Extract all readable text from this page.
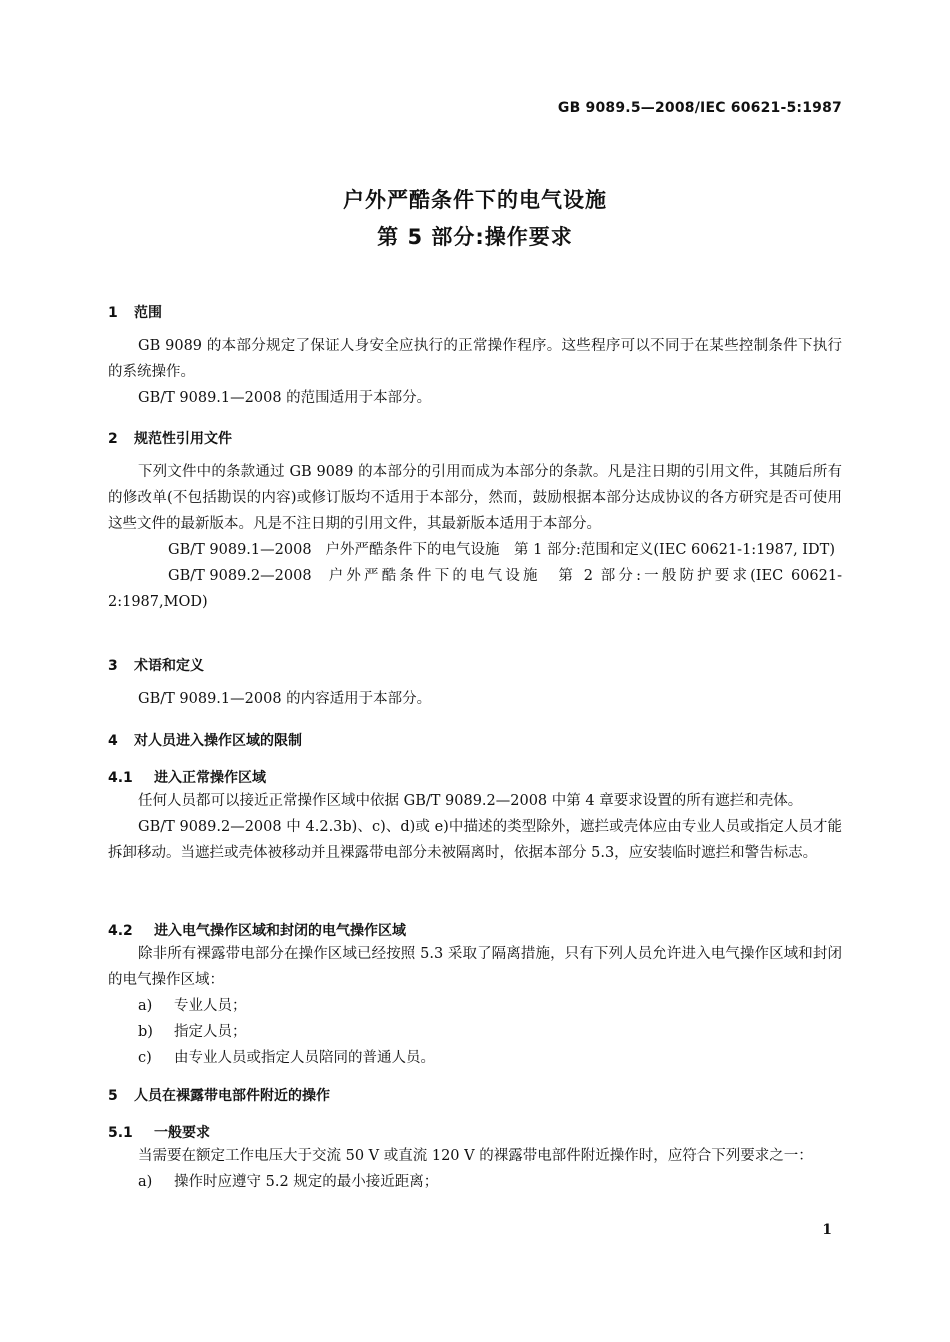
GB 9089.5—2008/IEC 60621-5:1987
户外严酷条件下的电气设施
第 5 部分:操作要求
1 范围
GB 9089 的本部分规定了保证人身安全应执行的正常操作程序。这些程序可以不同于在某些控制条件下执行的系统操作。
GB/T 9089.1—2008 的范围适用于本部分。
2 规范性引用文件
下列文件中的条款通过 GB 9089 的本部分的引用而成为本部分的条款。凡是注日期的引用文件，其随后所有的修改单(不包括勘误的内容)或修订版均不适用于本部分，然而，鼓励根据本部分达成协议的各方研究是否可使用这些文件的最新版本。凡是不注日期的引用文件，其最新版本适用于本部分。
GB/T 9089.1—2008 户外严酷条件下的电气设施　第 1 部分:范围和定义(IEC 60621-1:1987, IDT)
GB/T 9089.2—2008 户外严酷条件下的电气设施　第 2 部分:一般防护要求(IEC 60621-2:1987,MOD)
3 术语和定义
GB/T 9089.1—2008 的内容适用于本部分。
4 对人员进入操作区域的限制
4.1 进入正常操作区域
任何人员都可以接近正常操作区域中依据 GB/T 9089.2—2008 中第 4 章要求设置的所有遮拦和壳体。
GB/T 9089.2—2008 中 4.2.3b)、c)、d)或 e)中描述的类型除外，遮拦或壳体应由专业人员或指定人员才能拆卸移动。当遮拦或壳体被移动并且裸露带电部分未被隔离时，依据本部分 5.3，应安装临时遮拦和警告标志。
4.2 进入电气操作区域和封闭的电气操作区域
除非所有裸露带电部分在操作区域已经按照 5.3 采取了隔离措施，只有下列人员允许进入电气操作区域和封闭的电气操作区域：
a) 专业人员；
b) 指定人员；
c) 由专业人员或指定人员陪同的普通人员。
5 人员在裸露带电部件附近的操作
5.1 一般要求
当需要在额定工作电压大于交流 50 V 或直流 120 V 的裸露带电部件附近操作时，应符合下列要求之一：
a) 操作时应遵守 5.2 规定的最小接近距离；
1
